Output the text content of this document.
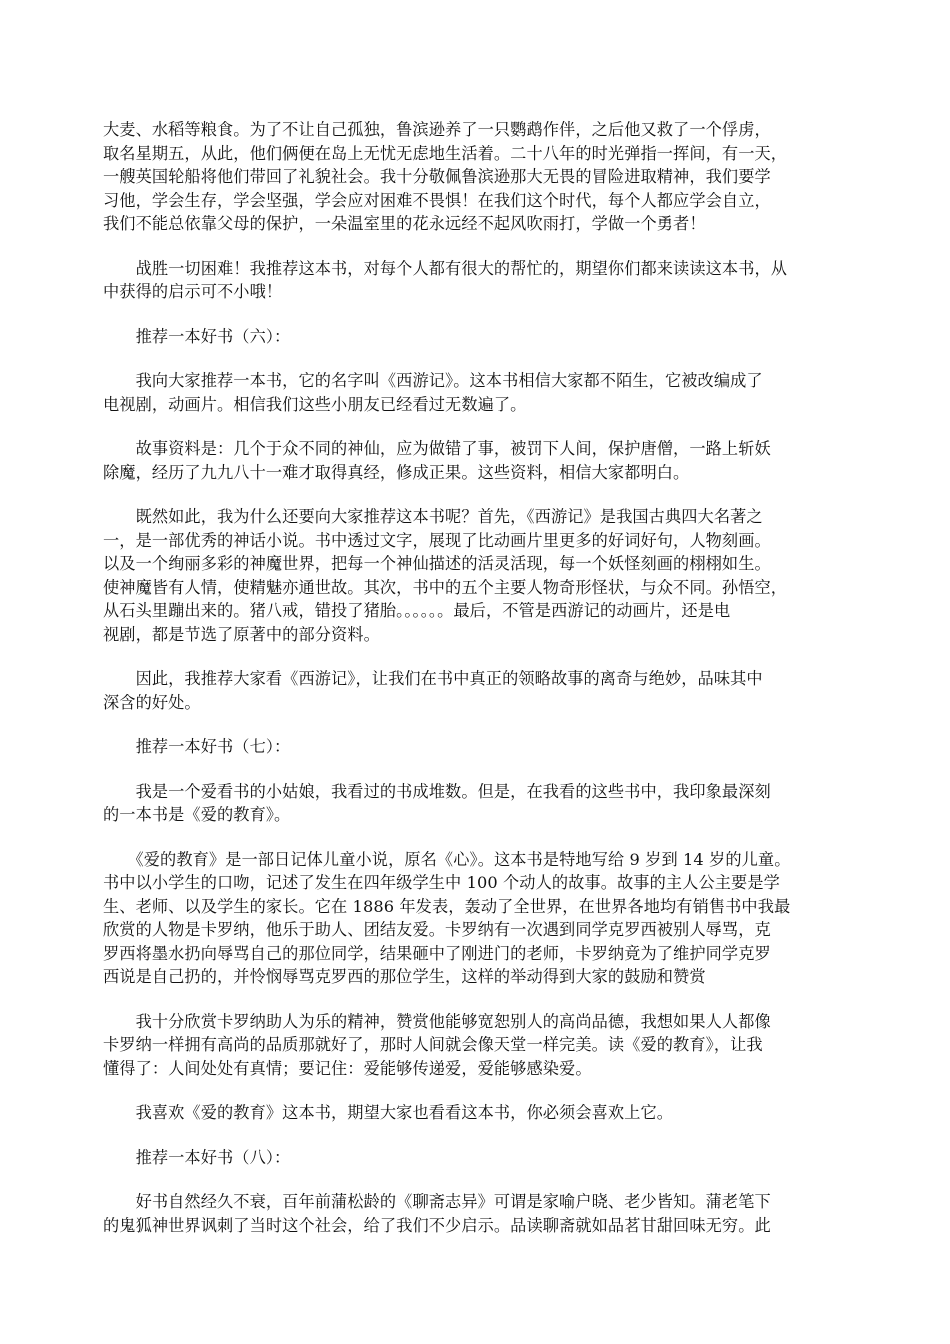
大麦、水稻等粮食。为了不让自己孤独，鲁滨逊养了一只鹦鹉作伴，之后他又救了一个俘虏，
取名星期五，从此，他们俩便在岛上无忧无虑地生活着。二十八年的时光弹指一挥间，有一天，
一艘英国轮船将他们带回了礼貌社会。我十分敬佩鲁滨逊那大无畏的冒险进取精神，我们要学
习他，学会生存，学会坚强，学会应对困难不畏惧！在我们这个时代，每个人都应学会自立，
我们不能总依靠父母的保护，一朵温室里的花永远经不起风吹雨打，学做一个勇者！

　　战胜一切困难！我推荐这本书，对每个人都有很大的帮忙的，期望你们都来读读这本书，从
中获得的启示可不小哦！

　　推荐一本好书（六）：

　　我向大家推荐一本书，它的名字叫《西游记》。这本书相信大家都不陌生，它被改编成了
电视剧，动画片。相信我们这些小朋友已经看过无数遍了。

　　故事资料是：几个于众不同的神仙，应为做错了事，被罚下人间，保护唐僧，一路上斩妖
除魔，经历了九九八十一难才取得真经，修成正果。这些资料，相信大家都明白。

　　既然如此，我为什么还要向大家推荐这本书呢？首先，《西游记》是我国古典四大名著之
一，是一部优秀的神话小说。书中透过文字，展现了比动画片里更多的好词好句，人物刻画。
以及一个绚丽多彩的神魔世界，把每一个神仙描述的活灵活现，每一个妖怪刻画的栩栩如生。
使神魔皆有人情，使精魅亦通世故。其次，书中的五个主要人物奇形怪状，与众不同。孙悟空，
从石头里蹦出来的。猪八戒，错投了猪胎。。。。。。最后，不管是西游记的动画片，还是电
视剧，都是节选了原著中的部分资料。

　　因此，我推荐大家看《西游记》，让我们在书中真正的领略故事的离奇与绝妙，品味其中
深含的好处。

　　推荐一本好书（七）：

　　我是一个爱看书的小姑娘，我看过的书成堆数。但是，在我看的这些书中，我印象最深刻
的一本书是《爱的教育》。

　　《爱的教育》是一部日记体儿童小说，原名《心》。这本书是特地写给 9 岁到 14 岁的儿童。
书中以小学生的口吻，记述了发生在四年级学生中 100 个动人的故事。故事的主人公主要是学
生、老师、以及学生的家长。它在 1886 年发表，轰动了全世界，在世界各地均有销售书中我最
欣赏的人物是卡罗纳，他乐于助人、团结友爱。卡罗纳有一次遇到同学克罗西被别人辱骂，克
罗西将墨水扔向辱骂自己的那位同学，结果砸中了刚进门的老师，卡罗纳竟为了维护同学克罗
西说是自己扔的，并怜悯辱骂克罗西的那位学生，这样的举动得到大家的鼓励和赞赏

　　我十分欣赏卡罗纳助人为乐的精神，赞赏他能够宽恕别人的高尚品德，我想如果人人都像
卡罗纳一样拥有高尚的品质那就好了，那时人间就会像天堂一样完美。读《爱的教育》，让我
懂得了：人间处处有真情；要记住：爱能够传递爱，爱能够感染爱。

　　我喜欢《爱的教育》这本书，期望大家也看看这本书，你必须会喜欢上它。

　　推荐一本好书（八）：

　　好书自然经久不衰，百年前蒲松龄的《聊斋志异》可谓是家喻户晓、老少皆知。蒲老笔下
的鬼狐神世界讽刺了当时这个社会，给了我们不少启示。品读聊斋就如品茗甘甜回味无穷。此
